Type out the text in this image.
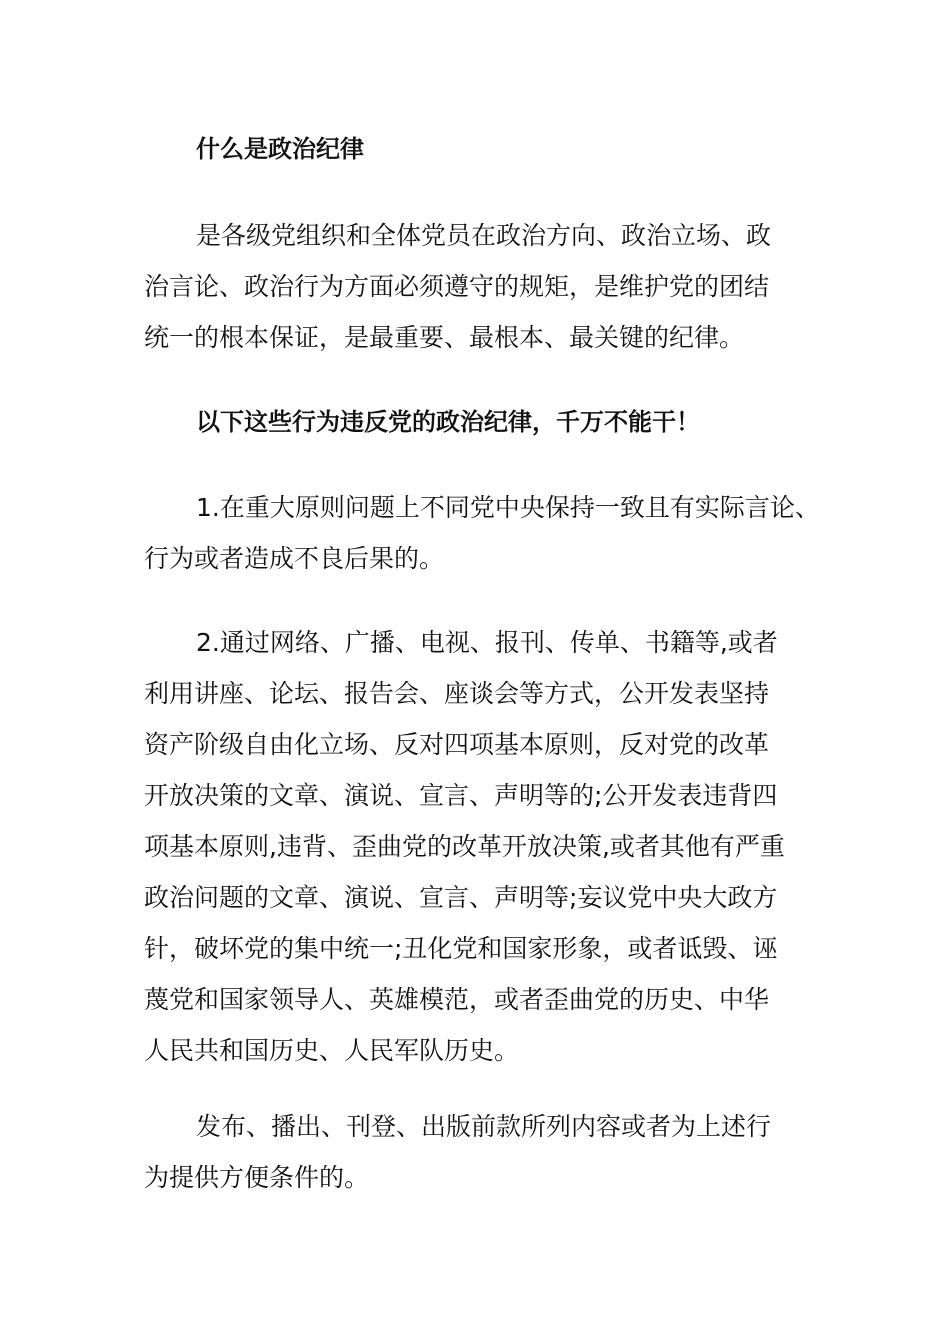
什么是政治纪律
是各级党组织和全体党员在政治方向、政治立场、政
治言论、政治行为方面必须遵守的规矩，是维护党的团结
统一的根本保证，是最重要、最根本、最关键的纪律。
以下这些行为违反党的政治纪律，千万不能干！
1.在重大原则问题上不同党中央保持一致且有实际言论、
行为或者造成不良后果的。
2.通过网络、广播、电视、报刊、传单、书籍等,或者
利用讲座、论坛、报告会、座谈会等方式，公开发表坚持
资产阶级自由化立场、反对四项基本原则，反对党的改革
开放决策的文章、演说、宣言、声明等的;公开发表违背四
项基本原则,违背、歪曲党的改革开放决策,或者其他有严重
政治问题的文章、演说、宣言、声明等;妄议党中央大政方
针，破坏党的集中统一;丑化党和国家形象，或者诋毁、诬
蔑党和国家领导人、英雄模范，或者歪曲党的历史、中华
人民共和国历史、人民军队历史。
发布、播出、刊登、出版前款所列内容或者为上述行
为提供方便条件的。
